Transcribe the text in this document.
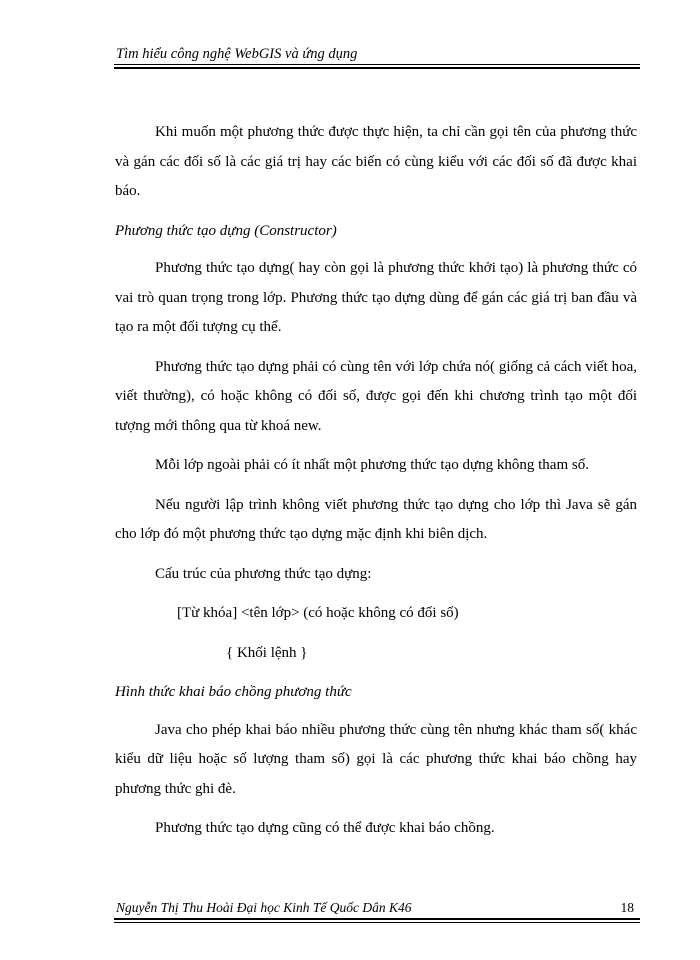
Tìm hiểu công nghệ WebGIS và ứng dụng

Khi muốn một phương thức được thực hiện, ta chỉ cần gọi tên của phương thức và gán các đối số là các giá trị hay các biến có cùng kiểu với các đối số đã được khai báo.

Phương thức tạo dựng (Constructor)

Phương thức tạo dựng( hay còn gọi là phương thức khởi tạo) là phương thức có vai trò quan trọng trong lớp. Phương thức tạo dựng dùng để gán các giá trị ban đầu và tạo ra một đối tượng cụ thể.

Phương thức tạo dựng phải có cùng tên với lớp chứa nó( giống cả cách viết hoa, viết thường), có hoặc không có đối số, được gọi đến khi chương trình tạo một đối tượng mới thông qua từ khoá new.

Mỗi lớp ngoài phải có ít nhất một phương thức tạo dựng không tham số.

Nếu người lập trình không viết phương thức tạo dựng cho lớp thì Java sẽ gán cho lớp đó một phương thức tạo dựng mặc định khi biên dịch.

Cấu trúc của phương thức tạo dựng:

[Từ khóa] <tên lớp> (có hoặc không có đối số)

{ Khối lệnh }

Hình thức khai báo chồng phương thức

Java cho phép khai báo nhiều phương thức cùng tên nhưng khác tham số( khác kiểu dữ liệu hoặc số lượng tham số) gọi là các phương thức khai báo chồng hay phương thức ghi đè.

Phương thức tạo dựng cũng có thể được khai báo chồng.

Nguyễn Thị Thu Hoài Đại học Kinh Tế Quốc Dân K46	18
